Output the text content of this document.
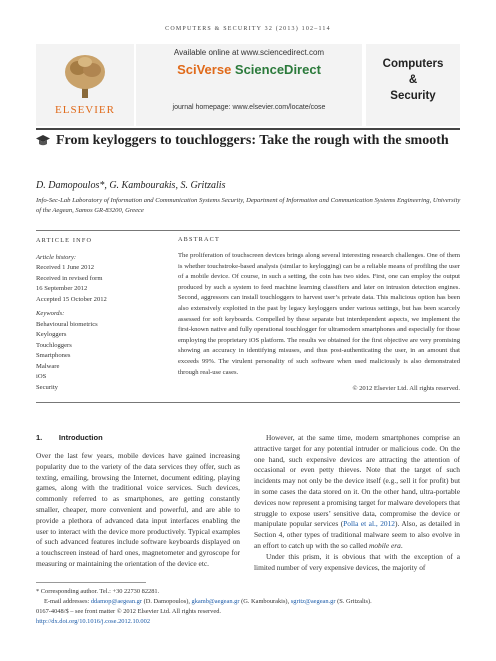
COMPUTERS & SECURITY 32 (2013) 102–114
ELSEVIER
Available online at www.sciencedirect.com
SciVerse ScienceDirect
journal homepage: www.elsevier.com/locate/cose
Computers
&
Security
From keyloggers to touchloggers: Take the rough with the smooth
D. Damopoulos*, G. Kambourakis, S. Gritzalis
Info-Sec-Lab Laboratory of Information and Communication Systems Security, Department of Information and Communication Systems Engineering, University of the Aegean, Samos GR-83200, Greece
ARTICLE INFO
Article history:
Received 1 June 2012
Received in revised form
16 September 2012
Accepted 15 October 2012
Keywords:
Behavioural biometrics
Keyloggers
Touchloggers
Smartphones
Malware
iOS
Security
ABSTRACT
The proliferation of touchscreen devices brings along several interesting research challenges. One of them is whether touchstroke-based analysis (similar to keylogging) can be a reliable means of profiling the user of a mobile device. Of course, in such a setting, the coin has two sides. First, one can employ the output produced by such a system to feed machine learning classifiers and later on intrusion detection engines. Second, aggressors can install touchloggers to harvest user’s private data. This malicious option has been also extensively exploited in the past by legacy keyloggers under various settings, but has been scarcely assessed for soft keyboards. Compelled by these separate but interdependent aspects, we implement the first-known native and fully operational touchlogger for ultramodern smartphones and especially for those employing the proprietary iOS platform. The results we obtained for the first objective are very promising showing an accuracy in identifying misuses, and thus post-authenticating the user, in an amount that exceeds 99%. The virulent personality of such software when used maliciously is also demonstrated through real-use cases.
© 2012 Elsevier Ltd. All rights reserved.
1.        Introduction
Over the last few years, mobile devices have gained increasing popularity due to the variety of the data services they offer, such as texting, emailing, browsing the Internet, document editing, playing games, along with the traditional voice services. Such devices, commonly referred to as smartphones, are getting constantly smaller, cheaper, more convenient and powerful, and are able to provide a plethora of advanced data input interfaces enabling the user to interact with the device more productively. Typical examples of such advanced features include software keyboards displayed on a touchscreen instead of hard ones, magnetometer and gyroscope for measuring or maintaining the orientation of the device etc.
However, at the same time, modern smartphones comprise an attractive target for any potential intruder or malicious code. On the one hand, such expensive devices are attracting the attention of occasional or even petty thieves. Note that the target of such incidents may not only be the device itself (e.g., sell it for profit) but in some cases the data stored on it. On the other hand, ultra-portable devices now represent a promising target for malware developers that struggle to expose users’ sensitive data, compromise the device or manipulate popular services (Polla et al., 2012). Also, as detailed in Section 4, other types of traditional malware seem to also evolve in an effort to catch up with the so called mobile era.
Under this prism, it is obvious that with the exception of a limited number of very expensive devices, the majority of
* Corresponding author. Tel.: +30 22730 82281.
E-mail addresses: ddamop@aegean.gr (D. Damopoulos), gkamb@aegean.gr (G. Kambourakis), sgritz@aegean.gr (S. Gritzalis).
0167-4048/$ – see front matter © 2012 Elsevier Ltd. All rights reserved.
http://dx.doi.org/10.1016/j.cose.2012.10.002
